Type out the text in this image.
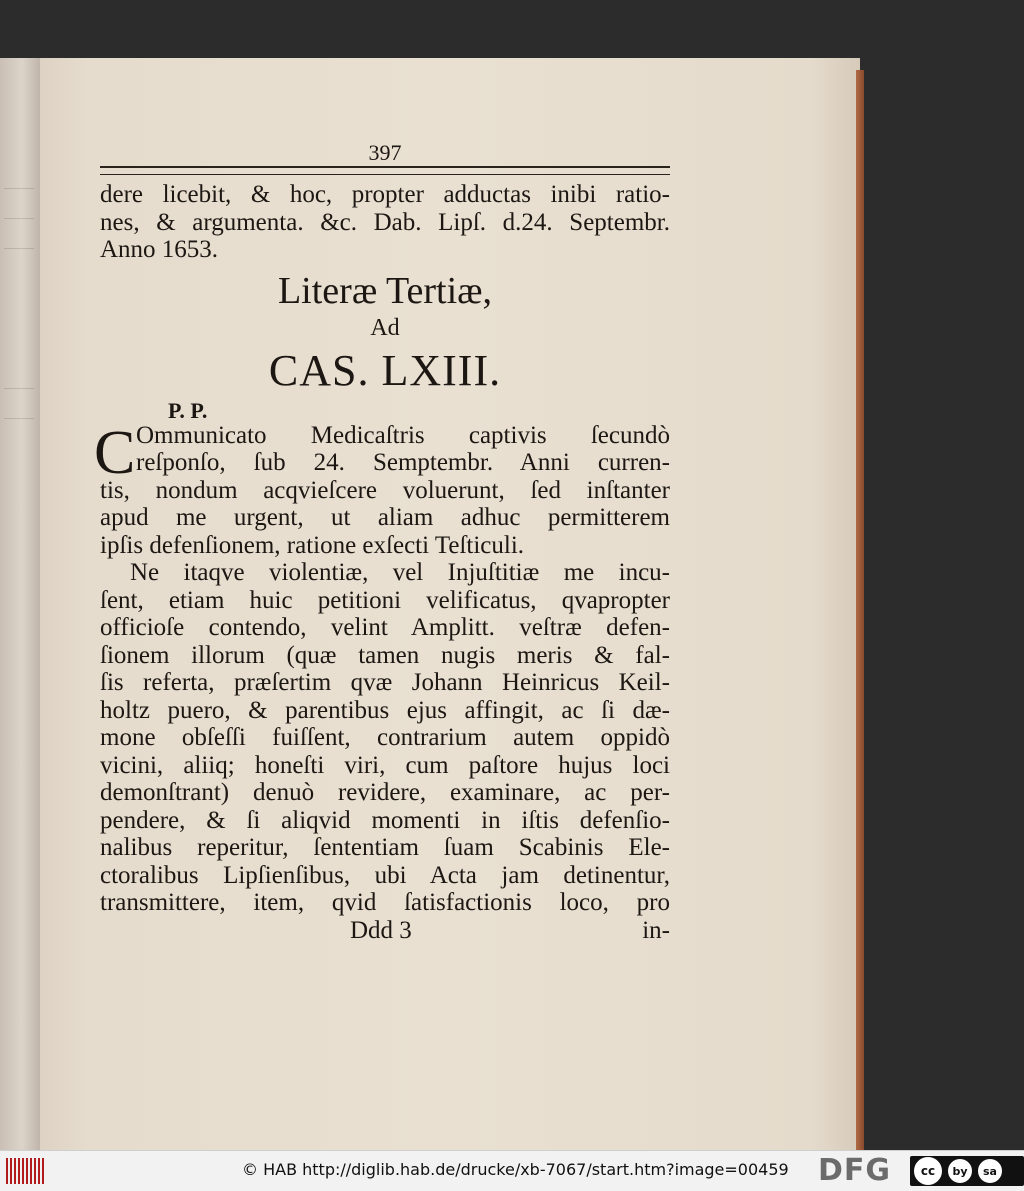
397
dere licebit, & hoc, propter adductas inibi ratio-
nes, & argumenta. &c. Dab. Lipſ. d.24. Septembr.
Anno 1653.
Literæ Tertiæ,
Ad
CAS. LXIII.
P. P.
C Ommunicato Medicaſtris captivis ſecundò
reſponſo, ſub 24. Semptembr. Anni curren-
tis, nondum acqvieſcere voluerunt, ſed inſtanter
apud me urgent, ut aliam adhuc permitterem
ipſis defenſionem, ratione exſecti Teſticuli.
Ne itaqve violentiæ, vel Injuſtitiæ me incu-
ſent, etiam huic petitioni velificatus, qvapropter
officioſe contendo, velint Amplitt. veſtræ defen-
ſionem illorum (quæ tamen nugis meris & fal-
ſis referta, præſertim qvæ Johann Heinricus Keil-
holtz puero, & parentibus ejus affingit, ac ſi dæ-
mone obſeſſi fuiſſent, contrarium autem oppidò
vicini, aliiq; honeſti viri, cum paſtore hujus loci
demonſtrant) denuò revidere, examinare, ac per-
pendere, & ſi aliqvid momenti in iſtis defenſio-
nalibus reperitur, ſententiam ſuam Scabinis Ele-
ctoralibus Lipſienſibus, ubi Acta jam detinentur,
transmittere, item, qvid ſatisfactionis loco, pro
Ddd 3	in-
© HAB http://diglib.hab.de/drucke/xb-7067/start.htm?image=00459 DFG	cc	by	sa
